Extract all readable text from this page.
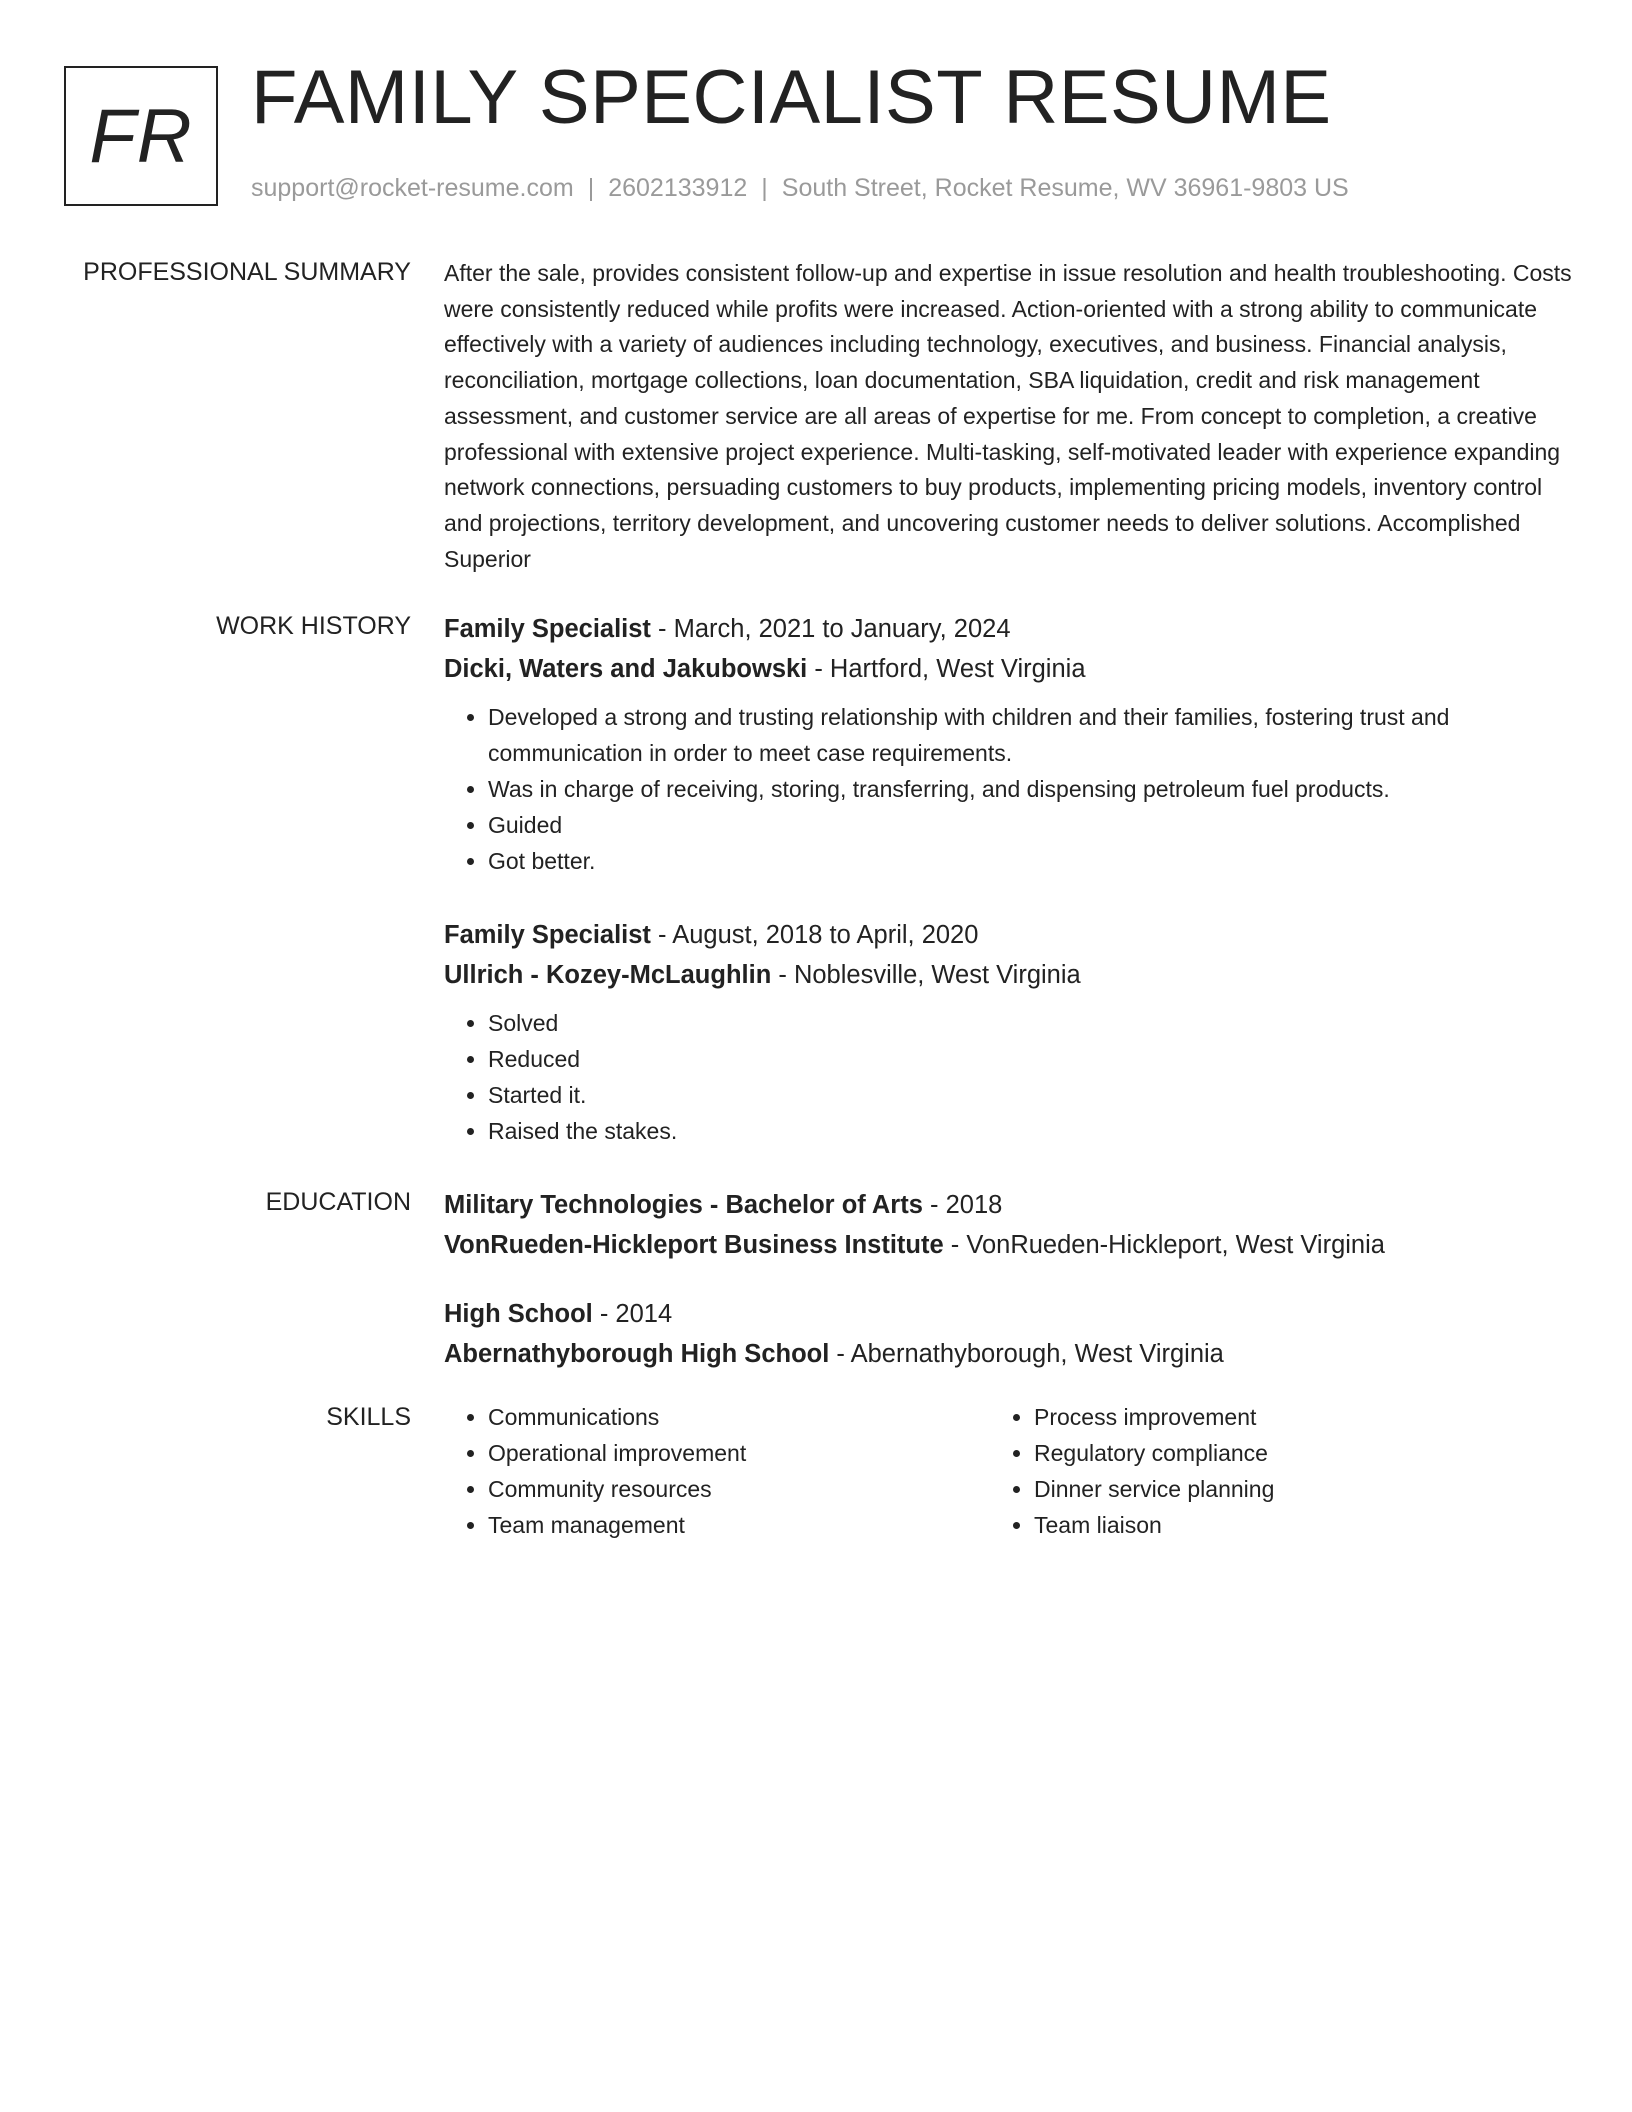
FR FAMILY SPECIALIST RESUME
support@rocket-resume.com | 2602133912 | South Street, Rocket Resume, WV 36961-9803 US
PROFESSIONAL SUMMARY After the sale, provides consistent follow-up and expertise in issue resolution and health troubleshooting. Costs were consistently reduced while profits were increased. Action-oriented with a strong ability to communicate effectively with a variety of audiences including technology, executives, and business. Financial analysis, reconciliation, mortgage collections, loan documentation, SBA liquidation, credit and risk management assessment, and customer service are all areas of expertise for me. From concept to completion, a creative professional with extensive project experience. Multi-tasking, self-motivated leader with experience expanding network connections, persuading customers to buy products, implementing pricing models, inventory control and projections, territory development, and uncovering customer needs to deliver solutions. Accomplished Superior

WORK HISTORY Family Specialist - March, 2021 to January, 2024
Dicki, Waters and Jakubowski - Hartford, West Virginia
• Developed a strong and trusting relationship with children and their families, fostering trust and communication in order to meet case requirements.
• Was in charge of receiving, storing, transferring, and dispensing petroleum fuel products.
• Guided
• Got better.
Family Specialist - August, 2018 to April, 2020
Ullrich - Kozey-McLaughlin - Noblesville, West Virginia
• Solved
• Reduced
• Started it.
• Raised the stakes.
EDUCATION Military Technologies - Bachelor of Arts - 2018
VonRueden-Hickleport Business Institute - VonRueden-Hickleport, West Virginia
High School - 2014
Abernathyborough High School - Abernathyborough, West Virginia
SKILLS
•	Communications
• Operational improvement
• Community resources
• Team management
• Process improvement
• Regulatory compliance
• Dinner service planning
• Team liaison
